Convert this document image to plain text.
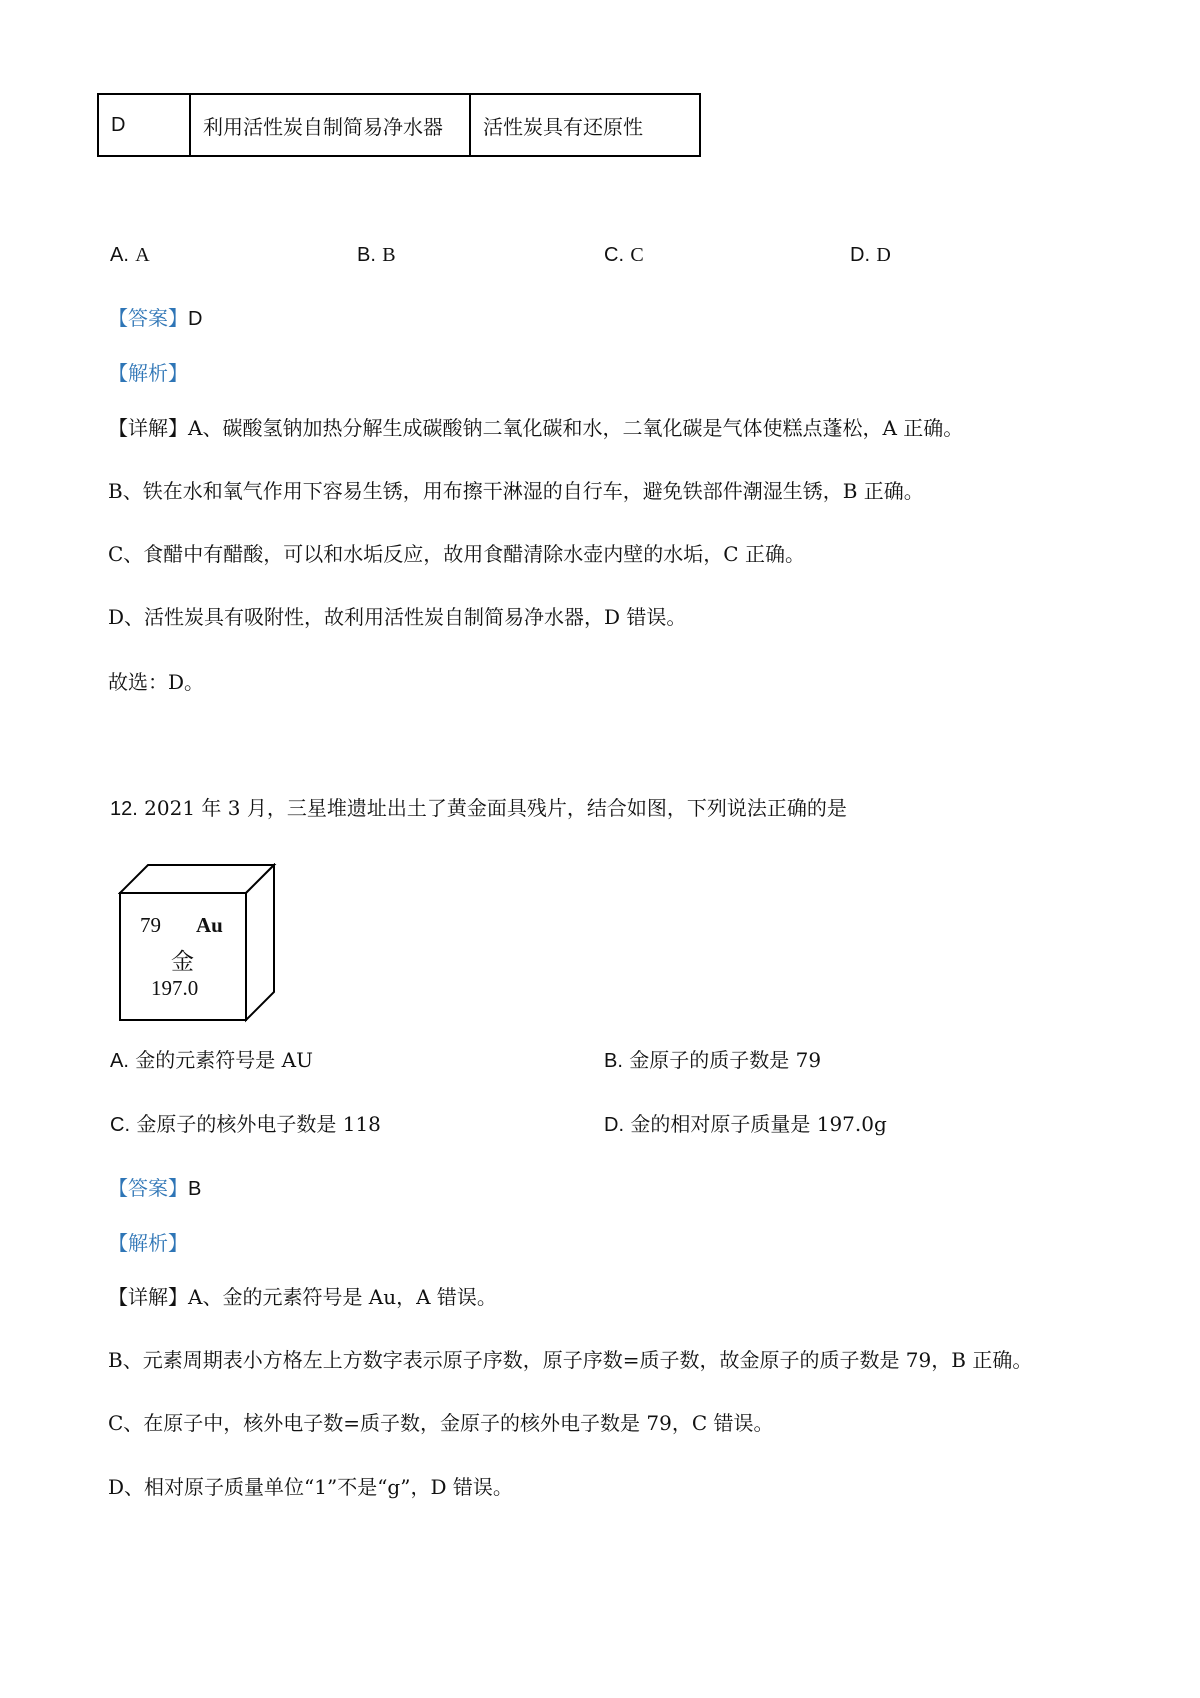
D	利用活性炭自制简易净水器	活性炭具有还原性
A. A	B. B	C. C	D. D
【答案】D
【解析】
【详解】A、碳酸氢钠加热分解生成碳酸钠二氧化碳和水，二氧化碳是气体使糕点蓬松，A 正确。
B、铁在水和氧气作用下容易生锈，用布擦干淋湿的自行车，避免铁部件潮湿生锈，B 正确。
C、食醋中有醋酸，可以和水垢反应，故用食醋清除水壶内壁的水垢，C 正确。
D、活性炭具有吸附性，故利用活性炭自制简易净水器，D 错误。
故选：D。
12. 2021 年 3 月，三星堆遗址出土了黄金面具残片，结合如图，下列说法正确的是
79 Au
金
197.0
A. 金的元素符号是 AU	B. 金原子的质子数是 79
C. 金原子的核外电子数是 118	D. 金的相对原子质量是 197.0g
【答案】B
【解析】
【详解】A、金的元素符号是 Au，A 错误。
B、元素周期表小方格左上方数字表示原子序数，原子序数=质子数，故金原子的质子数是 79，B 正确。
C、在原子中，核外电子数=质子数，金原子的核外电子数是 79，C 错误。
D、相对原子质量单位“1”不是“g”，D 错误。
